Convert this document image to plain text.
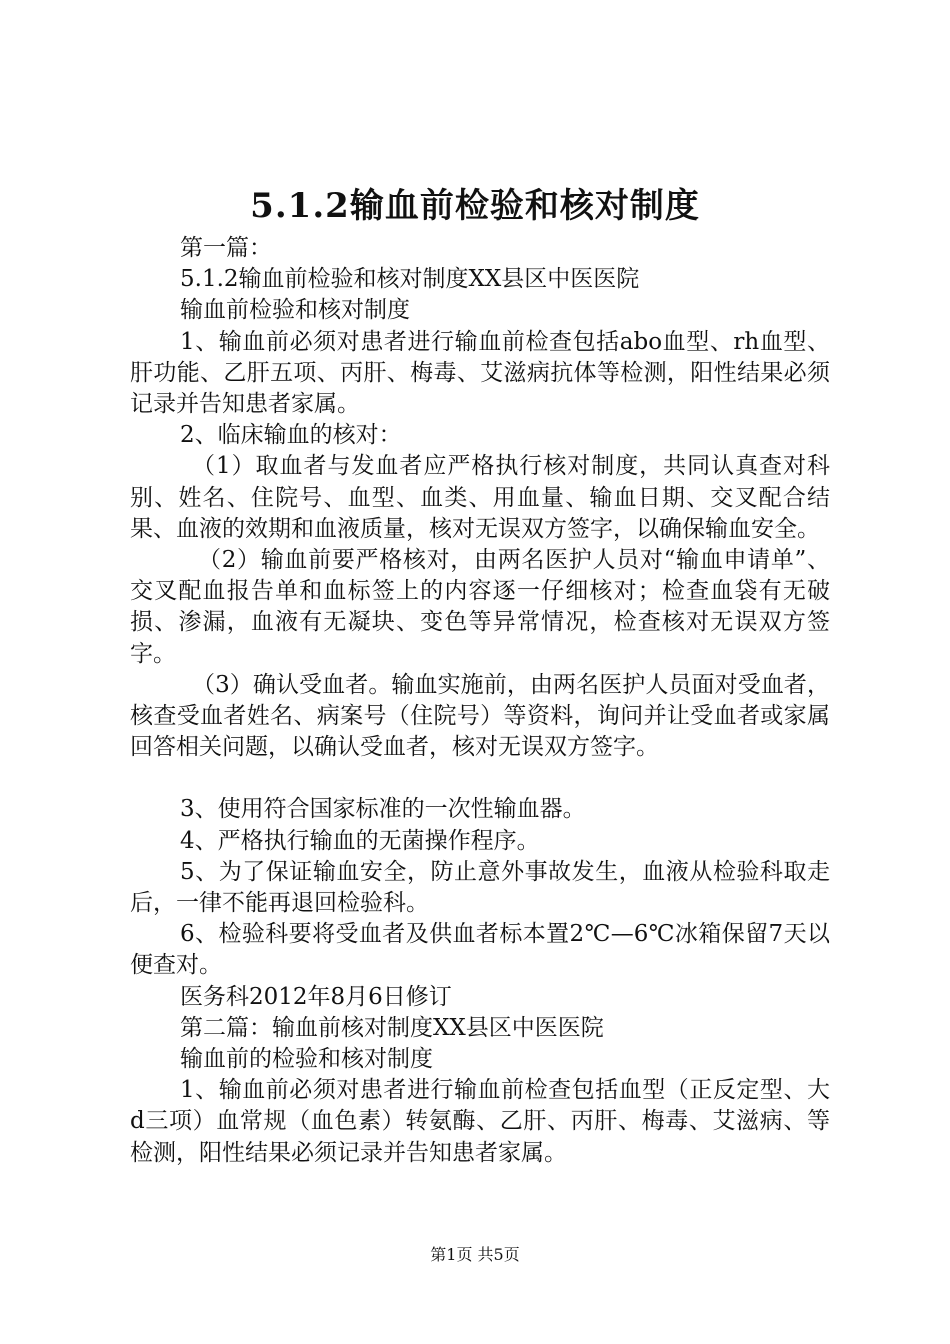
5.1.2输血前检验和核对制度

第一篇：

5.1.2输血前检验和核对制度XX县区中医医院

输血前检验和核对制度

1、输血前必须对患者进行输血前检查包括abo血型、rh血型、肝功能、乙肝五项、丙肝、梅毒、艾滋病抗体等检测，阳性结果必须记录并告知患者家属。

2、临床输血的核对：

（1）取血者与发血者应严格执行核对制度，共同认真查对科别、姓名、住院号、血型、血类、用血量、输血日期、交叉配合结果、血液的效期和血液质量，核对无误双方签字，以确保输血安全。

（2）输血前要严格核对，由两名医护人员对“输血申请单”、交叉配血报告单和血标签上的内容逐一仔细核对；检查血袋有无破损、渗漏，血液有无凝块、变色等异常情况，检查核对无误双方签字。

（3）确认受血者。输血实施前，由两名医护人员面对受血者，核查受血者姓名、病案号（住院号）等资料，询问并让受血者或家属回答相关问题，以确认受血者，核对无误双方签字。

3、使用符合国家标准的一次性输血器。

4、严格执行输血的无菌操作程序。

5、为了保证输血安全，防止意外事故发生，血液从检验科取走后，一律不能再退回检验科。

6、检验科要将受血者及供血者标本置2℃—6℃冰箱保留7天以便查对。

医务科2012年8月6日修订

第二篇：输血前核对制度XX县区中医医院

输血前的检验和核对制度

1、输血前必须对患者进行输血前检查包括血型（正反定型、大d三项）血常规（血色素）转氨酶、乙肝、丙肝、梅毒、艾滋病、等检测，阳性结果必须记录并告知患者家属。

第1页 共5页
